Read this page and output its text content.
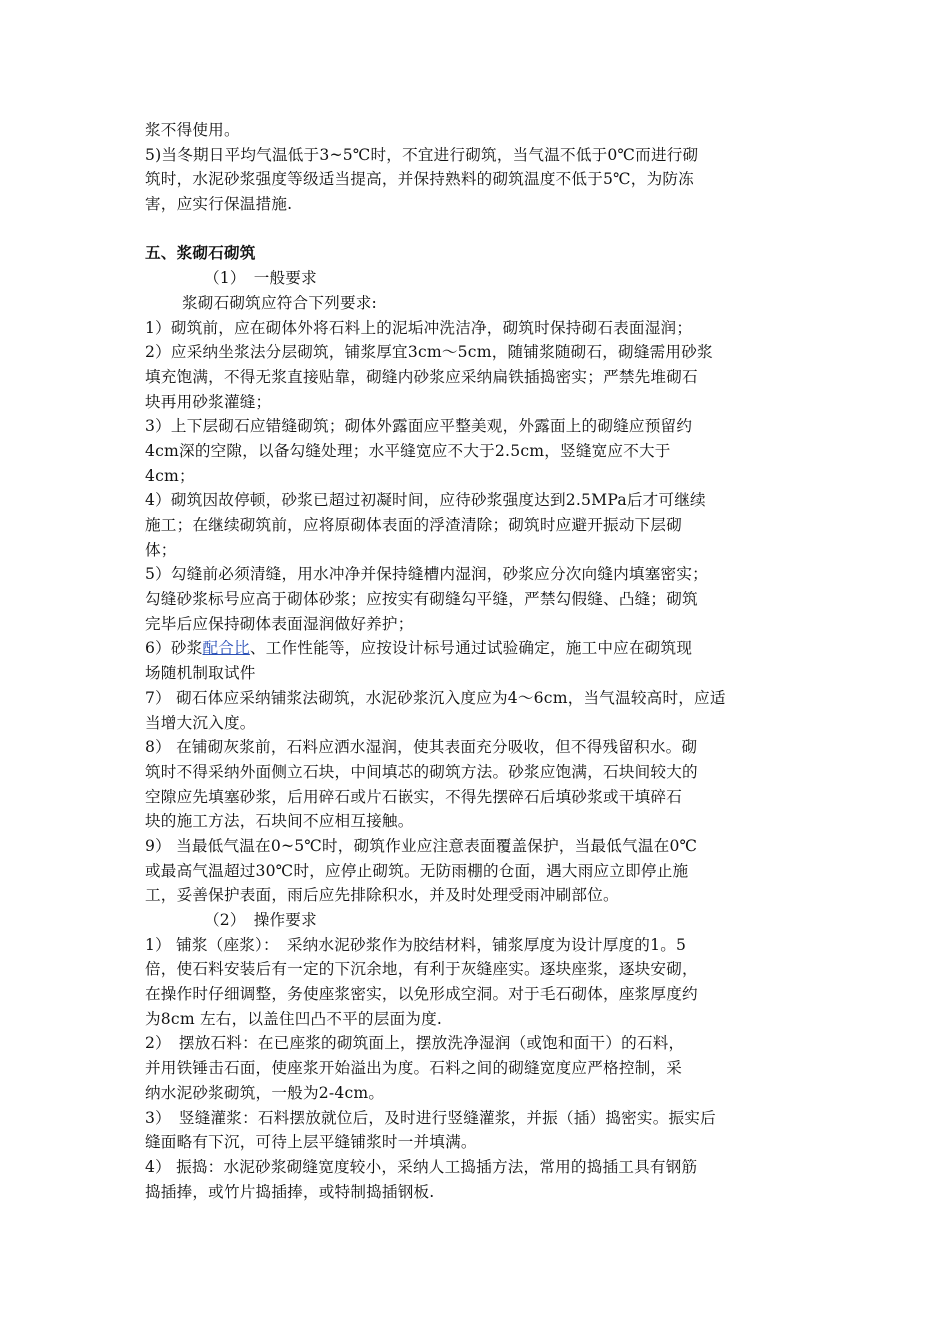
浆不得使用。
5)当冬期日平均气温低于3~5℃时，不宜进行砌筑，当气温不低于0℃而进行砌
筑时，水泥砂浆强度等级适当提高，并保持熟料的砌筑温度不低于5℃，为防冻
害，应实行保温措施.
五、浆砌石砌筑
（1）　一般要求
浆砌石砌筑应符合下列要求:
1）砌筑前，应在砌体外将石料上的泥垢冲洗洁净，砌筑时保持砌石表面湿润；
2）应采纳坐浆法分层砌筑，铺浆厚宜3cm～5cm，随铺浆随砌石，砌缝需用砂浆
填充饱满，不得无浆直接贴靠，砌缝内砂浆应采纳扁铁插捣密实；严禁先堆砌石
块再用砂浆灌缝；
3）上下层砌石应错缝砌筑；砌体外露面应平整美观，外露面上的砌缝应预留约
4cm深的空隙，以备勾缝处理；水平缝宽应不大于2.5cm，竖缝宽应不大于
4cm；
4）砌筑因故停顿，砂浆已超过初凝时间，应待砂浆强度达到2.5MPa后才可继续
施工；在继续砌筑前，应将原砌体表面的浮渣清除；砌筑时应避开振动下层砌
体；
5）勾缝前必须清缝，用水冲净并保持缝槽内湿润，砂浆应分次向缝内填塞密实；
勾缝砂浆标号应高于砌体砂浆；应按实有砌缝勾平缝，严禁勾假缝、凸缝；砌筑
完毕后应保持砌体表面湿润做好养护；
6）砂浆配合比、工作性能等，应按设计标号通过试验确定，施工中应在砌筑现
场随机制取试件
7） 砌石体应采纳铺浆法砌筑，水泥砂浆沉入度应为4～6cm，当气温较高时，应适
当增大沉入度。
8） 在铺砌灰浆前，石料应洒水湿润，使其表面充分吸收，但不得残留积水。砌
筑时不得采纳外面侧立石块，中间填芯的砌筑方法。砂浆应饱满，石块间较大的
空隙应先填塞砂浆，后用碎石或片石嵌实，不得先摆碎石后填砂浆或干填碎石
块的施工方法，石块间不应相互接触。
9） 当最低气温在0~5℃时，砌筑作业应注意表面覆盖保护，当最低气温在0℃
或最高气温超过30℃时，应停止砌筑。无防雨棚的仓面，遇大雨应立即停止施
工，妥善保护表面，雨后应先排除积水，并及时处理受雨冲刷部位。
（2）　操作要求
1） 铺浆（座浆）：　采纳水泥砂浆作为胶结材料，铺浆厚度为设计厚度的1。5
倍，使石料安装后有一定的下沉余地，有利于灰缝座实。逐块座浆，逐块安砌，
在操作时仔细调整，务使座浆密实，以免形成空洞。对于毛石砌体，座浆厚度约
为8cm 左右，以盖住凹凸不平的层面为度.
2）　摆放石料：在已座浆的砌筑面上，摆放洗净湿润（或饱和面干）的石料，
并用铁锤击石面，使座浆开始溢出为度。石料之间的砌缝宽度应严格控制，采
纳水泥砂浆砌筑，一般为2-4cm。
3）　竖缝灌浆：石料摆放就位后，及时进行竖缝灌浆，并振（插）捣密实。振实后
缝面略有下沉，可待上层平缝铺浆时一并填满。
4） 振捣：水泥砂浆砌缝宽度较小，采纳人工捣插方法，常用的捣插工具有钢筋
捣插捧，或竹片捣插捧，或特制捣插钢板.
